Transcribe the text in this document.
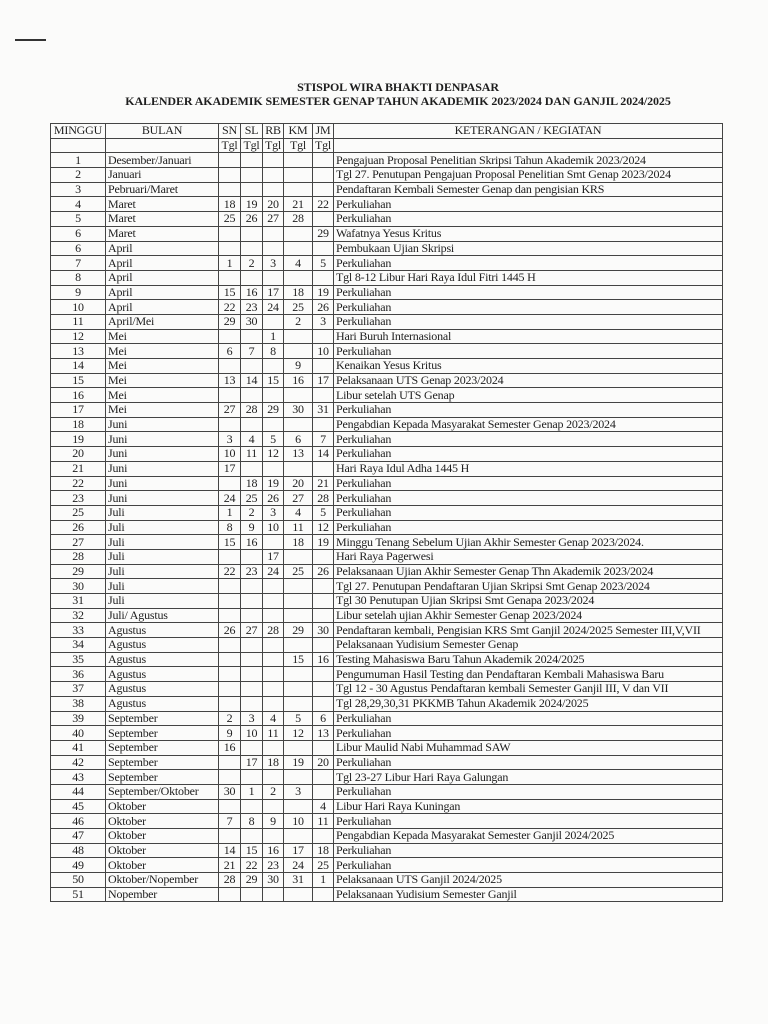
STISPOL WIRA BHAKTI DENPASAR
KALENDER AKADEMIK SEMESTER GENAP TAHUN AKADEMIK 2023/2024 DAN GANJIL 2024/2025
MINGGU	BULAN	SN	SL	RB	KM	JM	KETERANGAN / KEGIATAN
		Tgl	Tgl	Tgl	Tgl	Tgl	
1	Desember/Januari						Pengajuan Proposal Penelitian Skripsi Tahun Akademik 2023/2024
2	Januari						Tgl 27. Penutupan Pengajuan Proposal Penelitian Smt Genap 2023/2024
3	Pebruari/Maret						Pendaftaran Kembali Semester Genap dan pengisian KRS
4	Maret	18	19	20	21	22	Perkuliahan
5	Maret	25	26	27	28		Perkuliahan
6	Maret					29	Wafatnya Yesus Kritus
6	April						Pembukaan Ujian Skripsi
7	April	1	2	3	4	5	Perkuliahan
8	April						Tgl 8-12 Libur Hari Raya Idul Fitri 1445 H
9	April	15	16	17	18	19	Perkuliahan
10	April	22	23	24	25	26	Perkuliahan
11	April/Mei	29	30		2	3	Perkuliahan
12	Mei			1			Hari Buruh Internasional
13	Mei	6	7	8		10	Perkuliahan
14	Mei				9		Kenaikan Yesus Kritus
15	Mei	13	14	15	16	17	Pelaksanaan UTS Genap 2023/2024
16	Mei						Libur setelah UTS Genap
17	Mei	27	28	29	30	31	Perkuliahan
18	Juni						Pengabdian Kepada Masyarakat Semester Genap 2023/2024
19	Juni	3	4	5	6	7	Perkuliahan
20	Juni	10	11	12	13	14	Perkuliahan
21	Juni	17					Hari Raya Idul Adha 1445 H
22	Juni		18	19	20	21	Perkuliahan
23	Juni	24	25	26	27	28	Perkuliahan
25	Juli	1	2	3	4	5	Perkuliahan
26	Juli	8	9	10	11	12	Perkuliahan
27	Juli	15	16		18	19	Minggu Tenang Sebelum Ujian Akhir Semester Genap 2023/2024.
28	Juli			17			Hari Raya Pagerwesi
29	Juli	22	23	24	25	26	Pelaksanaan Ujian Akhir Semester Genap Thn Akademik 2023/2024
30	Juli						Tgl 27. Penutupan Pendaftaran Ujian Skripsi Smt Genap 2023/2024
31	Juli						Tgl 30 Penutupan Ujian Skripsi Smt Genapa 2023/2024
32	Juli/ Agustus						Libur setelah ujian Akhir Semester Genap 2023/2024
33	Agustus	26	27	28	29	30	Pendaftaran kembali, Pengisian KRS Smt Ganjil 2024/2025 Semester III,V,VII
34	Agustus						Pelaksanaan Yudisium Semester Genap
35	Agustus				15	16	Testing Mahasiswa Baru Tahun Akademik 2024/2025
36	Agustus						Pengumuman Hasil Testing dan Pendaftaran Kembali Mahasiswa Baru
37	Agustus						Tgl 12 - 30 Agustus Pendaftaran kembali Semester Ganjil III, V dan VII
38	Agustus						Tgl 28,29,30,31 PKKMB Tahun Akademik 2024/2025
39	September	2	3	4	5	6	Perkuliahan
40	September	9	10	11	12	13	Perkuliahan
41	September	16					Libur Maulid Nabi Muhammad SAW
42	September		17	18	19	20	Perkuliahan
43	September						Tgl 23-27 Libur Hari Raya Galungan
44	September/Oktober	30	1	2	3		Perkuliahan
45	Oktober					4	Libur Hari Raya Kuningan
46	Oktober	7	8	9	10	11	Perkuliahan
47	Oktober						Pengabdian Kepada Masyarakat Semester Ganjil 2024/2025
48	Oktober	14	15	16	17	18	Perkuliahan
49	Oktober	21	22	23	24	25	Perkuliahan
50	Oktober/Nopember	28	29	30	31	1	Pelaksanaan UTS Ganjil 2024/2025
51	Nopember						Pelaksanaan Yudisium Semester Ganjil
